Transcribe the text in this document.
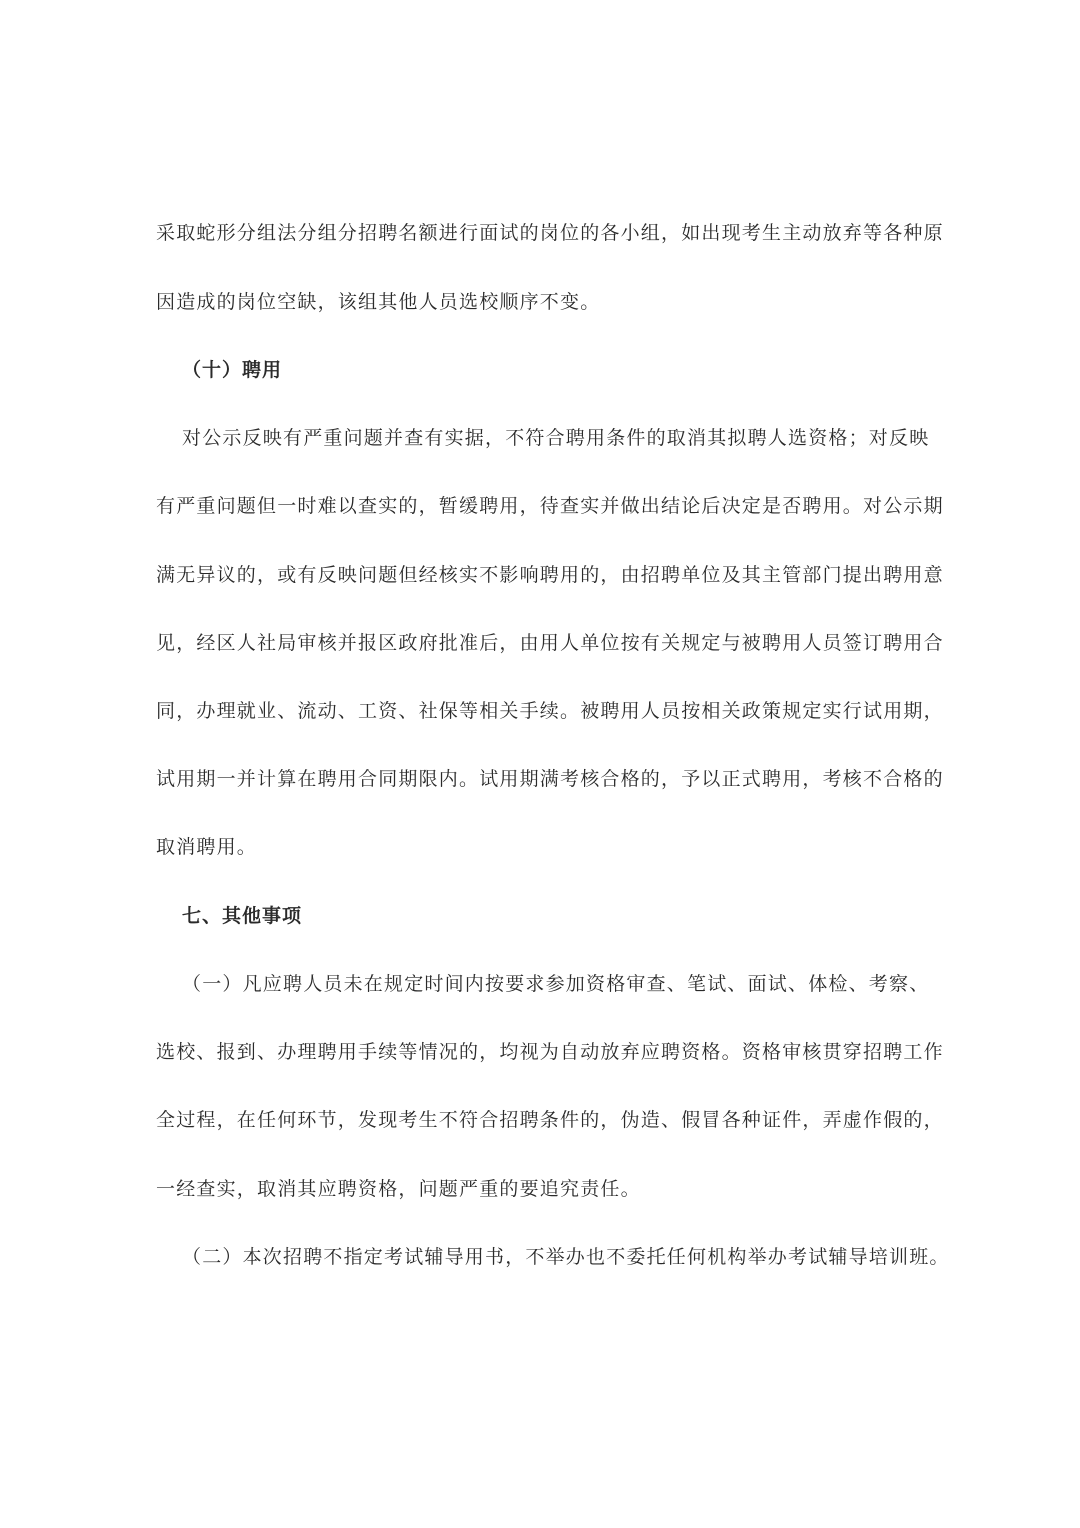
采取蛇形分组法分组分招聘名额进行面试的岗位的各小组，如出现考生主动放弃等各种原
因造成的岗位空缺，该组其他人员选校顺序不变。
（十）聘用
对公示反映有严重问题并查有实据，不符合聘用条件的取消其拟聘人选资格；对反映
有严重问题但一时难以查实的，暂缓聘用，待查实并做出结论后决定是否聘用。对公示期
满无异议的，或有反映问题但经核实不影响聘用的，由招聘单位及其主管部门提出聘用意
见，经区人社局审核并报区政府批准后，由用人单位按有关规定与被聘用人员签订聘用合
同，办理就业、流动、工资、社保等相关手续。被聘用人员按相关政策规定实行试用期，
试用期一并计算在聘用合同期限内。试用期满考核合格的，予以正式聘用，考核不合格的
取消聘用。
七、其他事项
（一）凡应聘人员未在规定时间内按要求参加资格审查、笔试、面试、体检、考察、
选校、报到、办理聘用手续等情况的，均视为自动放弃应聘资格。资格审核贯穿招聘工作
全过程，在任何环节，发现考生不符合招聘条件的，伪造、假冒各种证件，弄虚作假的，
一经查实，取消其应聘资格，问题严重的要追究责任。
（二）本次招聘不指定考试辅导用书，不举办也不委托任何机构举办考试辅导培训班。
